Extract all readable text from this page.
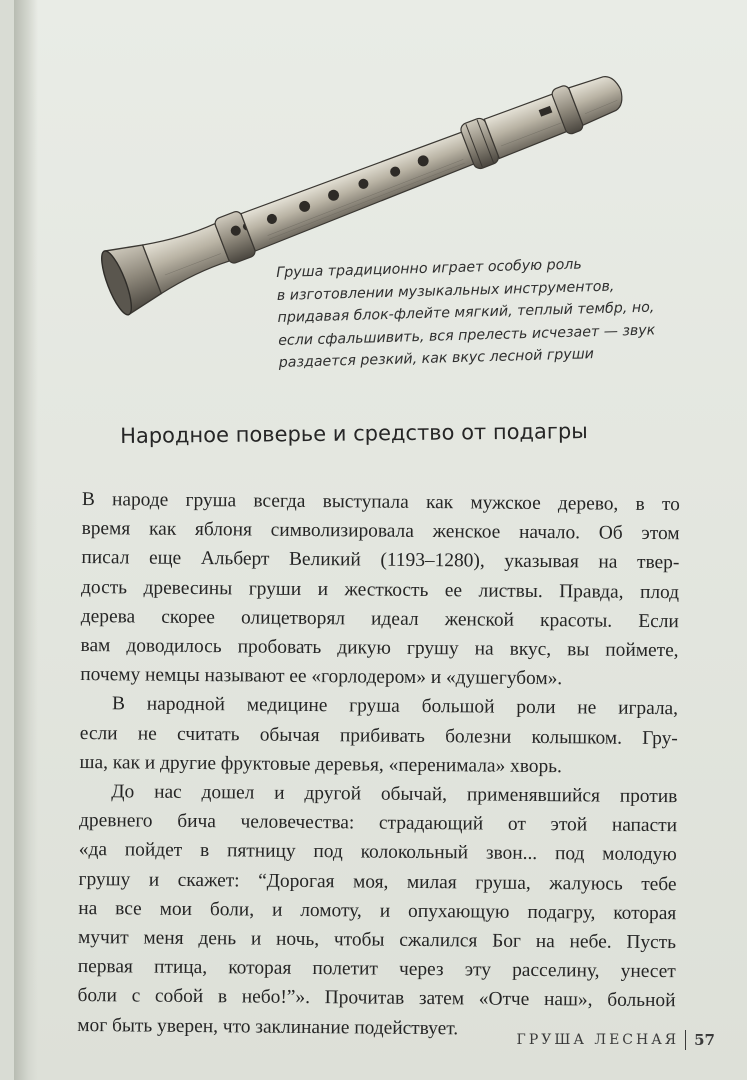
Груша традиционно играет особую роль
в изготовлении музыкальных инструментов,
придавая блок-флейте мягкий, теплый тембр, но,
если сфальшивить, вся прелесть исчезает — звук
раздается резкий, как вкус лесной груши
Народное поверье и средство от подагры
В народе груша всегда выступала как мужское дерево, в то
время как яблоня символизировала женское начало. Об этом
писал еще Альберт Великий (1193–1280), указывая на твер-
дость древесины груши и жесткость ее листвы. Правда, плод
дерева скорее олицетворял идеал женской красоты. Если
вам доводилось пробовать дикую грушу на вкус, вы поймете,
почему немцы называют ее «горлодером» и «душегубом».
В народной медицине груша большой роли не играла,
если не считать обычая прибивать болезни колышком. Гру-
ша, как и другие фруктовые деревья, «перенимала» хворь.
До нас дошел и другой обычай, применявшийся против
древнего бича человечества: страдающий от этой напасти
«да пойдет в пятницу под колокольный звон... под молодую
грушу и скажет: “Дорогая моя, милая груша, жалуюсь тебе
на все мои боли, и ломоту, и опухающую подагру, которая
мучит меня день и ночь, чтобы сжалился Бог на небе. Пусть
первая птица, которая полетит через эту расселину, унесет
боли с собой в небо!”». Прочитав затем «Отче наш», больной
мог быть уверен, что заклинание подействует.
ГРУША ЛЕСНАЯ 57
